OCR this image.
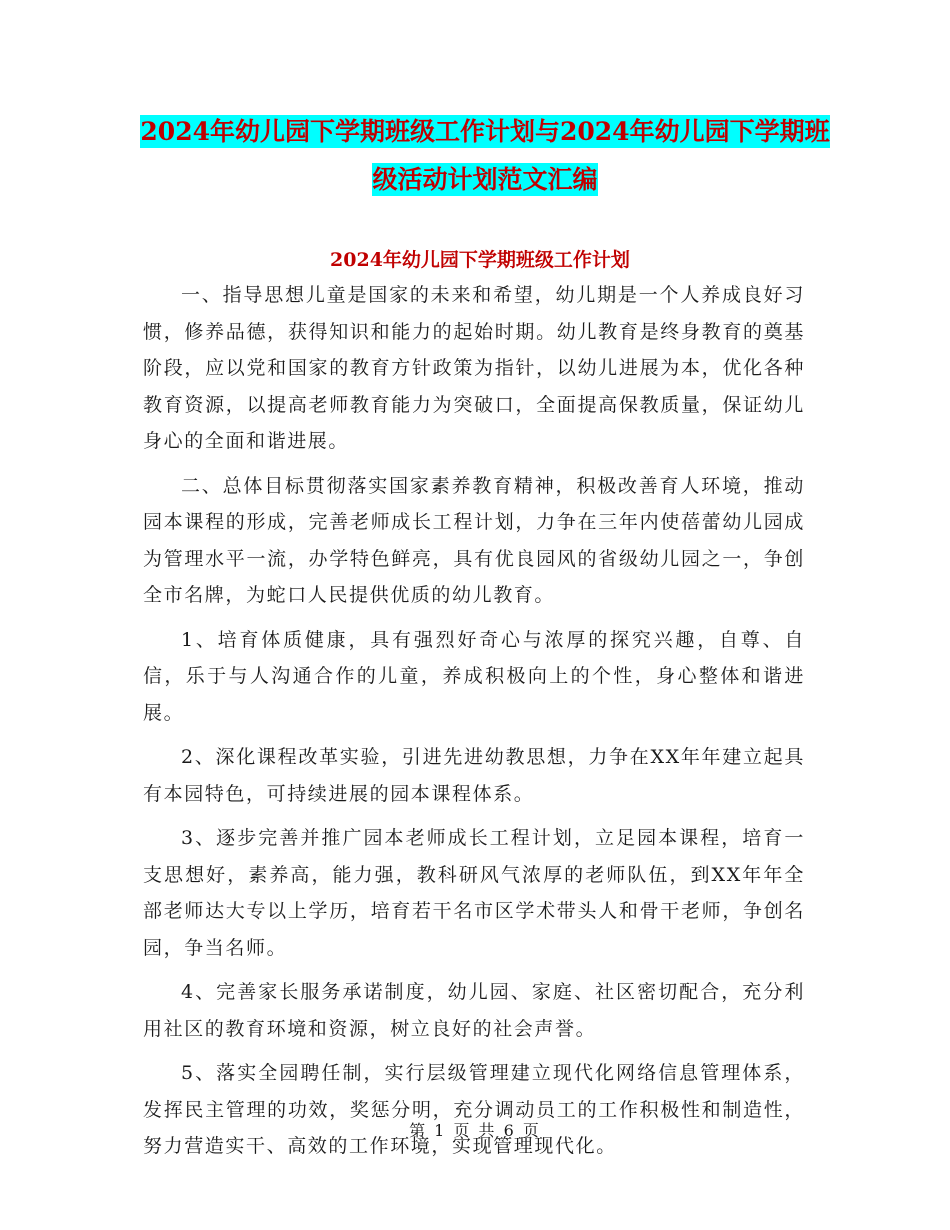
2024年幼儿园下学期班级工作计划与2024年幼儿园下学期班级活动计划范文汇编
2024年幼儿园下学期班级工作计划

一、指导思想儿童是国家的未来和希望，幼儿期是一个人养成良好习惯，修养品德，获得知识和能力的起始时期。幼儿教育是终身教育的奠基阶段，应以党和国家的教育方针政策为指针，以幼儿进展为本，优化各种教育资源，以提高老师教育能力为突破口，全面提高保教质量，保证幼儿身心的全面和谐进展。

二、总体目标贯彻落实国家素养教育精神，积极改善育人环境，推动园本课程的形成，完善老师成长工程计划，力争在三年内使蓓蕾幼儿园成为管理水平一流，办学特色鲜亮，具有优良园风的省级幼儿园之一，争创全市名牌，为蛇口人民提供优质的幼儿教育。

1、培育体质健康，具有强烈好奇心与浓厚的探究兴趣，自尊、自信，乐于与人沟通合作的儿童，养成积极向上的个性，身心整体和谐进展。

2、深化课程改革实验，引进先进幼教思想，力争在XX年年建立起具有本园特色，可持续进展的园本课程体系。

3、逐步完善并推广园本老师成长工程计划，立足园本课程，培育一支思想好，素养高，能力强，教科研风气浓厚的老师队伍，到XX年年全部老师达大专以上学历，培育若干名市区学术带头人和骨干老师，争创名园，争当名师。

4、完善家长服务承诺制度，幼儿园、家庭、社区密切配合，充分利用社区的教育环境和资源，树立良好的社会声誉。

5、落实全园聘任制，实行层级管理建立现代化网络信息管理体系，发挥民主管理的功效，奖惩分明，充分调动员工的工作积极性和制造性，努力营造实干、高效的工作环境，实现管理现代化。

第 1 页 共 6 页
